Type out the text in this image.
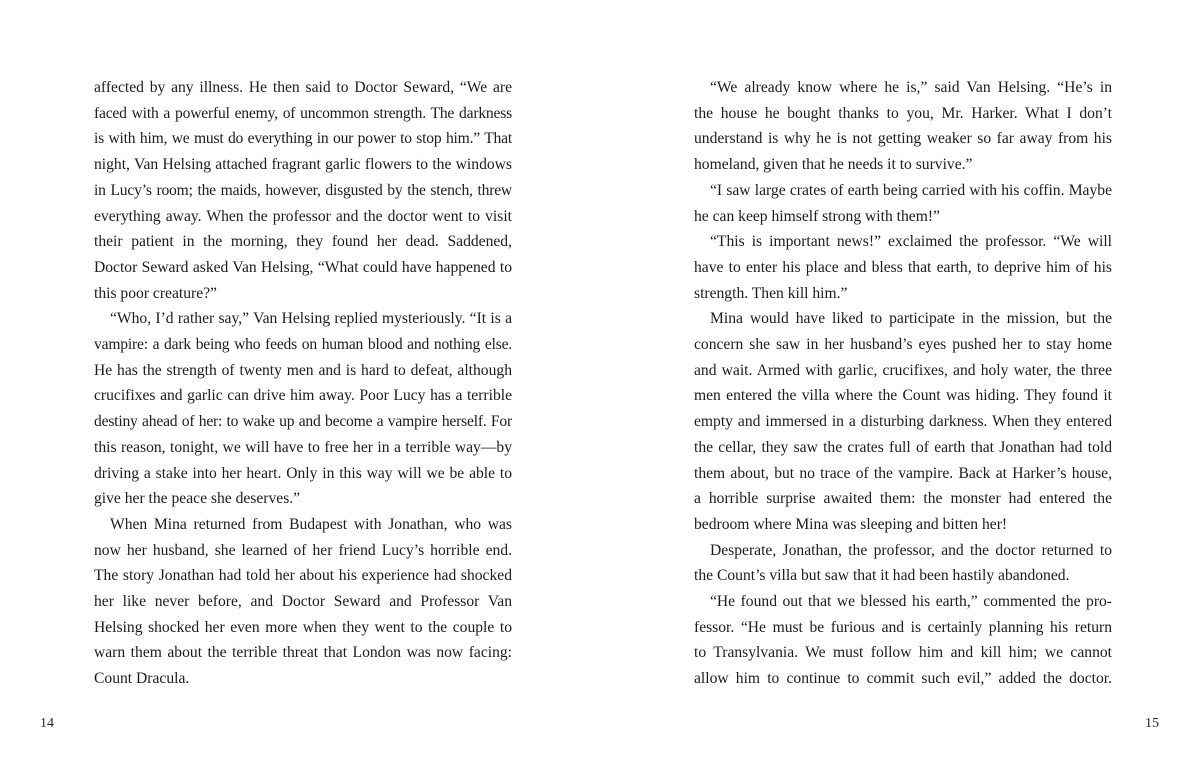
affected by any illness. He then said to Doctor Seward, “We are
faced with a powerful enemy, of uncommon strength. The darkness
is with him, we must do everything in our power to stop him.” That
night, Van Helsing attached fragrant garlic flowers to the windows
in Lucy’s room; the maids, however, disgusted by the stench, threw
everything away. When the professor and the doctor went to visit
their patient in the morning, they found her dead. Saddened,
Doctor Seward asked Van Helsing, “What could have happened to
this poor creature?”
“Who, I’d rather say,” Van Helsing replied mysteriously. “It is a
vampire: a dark being who feeds on human blood and nothing else.
He has the strength of twenty men and is hard to defeat, although
crucifixes and garlic can drive him away. Poor Lucy has a terrible
destiny ahead of her: to wake up and become a vampire herself. For
this reason, tonight, we will have to free her in a terrible way—by
driving a stake into her heart. Only in this way will we be able to
give her the peace she deserves.”
When Mina returned from Budapest with Jonathan, who was
now her husband, she learned of her friend Lucy’s horrible end.
The story Jonathan had told her about his experience had shocked
her like never before, and Doctor Seward and Professor Van
Helsing shocked her even more when they went to the couple to
warn them about the terrible threat that London was now facing:
Count Dracula.
14
“We already know where he is,” said Van Helsing. “He’s in
the house he bought thanks to you, Mr. Harker. What I don’t
understand is why he is not getting weaker so far away from his
homeland, given that he needs it to survive.”
“I saw large crates of earth being carried with his coffin. Maybe
he can keep himself strong with them!”
“This is important news!” exclaimed the professor. “We will
have to enter his place and bless that earth, to deprive him of his
strength. Then kill him.”
Mina would have liked to participate in the mission, but the
concern she saw in her husband’s eyes pushed her to stay home
and wait. Armed with garlic, crucifixes, and holy water, the three
men entered the villa where the Count was hiding. They found it
empty and immersed in a disturbing darkness. When they entered
the cellar, they saw the crates full of earth that Jonathan had told
them about, but no trace of the vampire. Back at Harker’s house,
a horrible surprise awaited them: the monster had entered the
bedroom where Mina was sleeping and bitten her!
Desperate, Jonathan, the professor, and the doctor returned to
the Count’s villa but saw that it had been hastily abandoned.
“He found out that we blessed his earth,” commented the pro-
fessor. “He must be furious and is certainly planning his return
to Transylvania. We must follow him and kill him; we cannot
allow him to continue to commit such evil,” added the doctor.
15
